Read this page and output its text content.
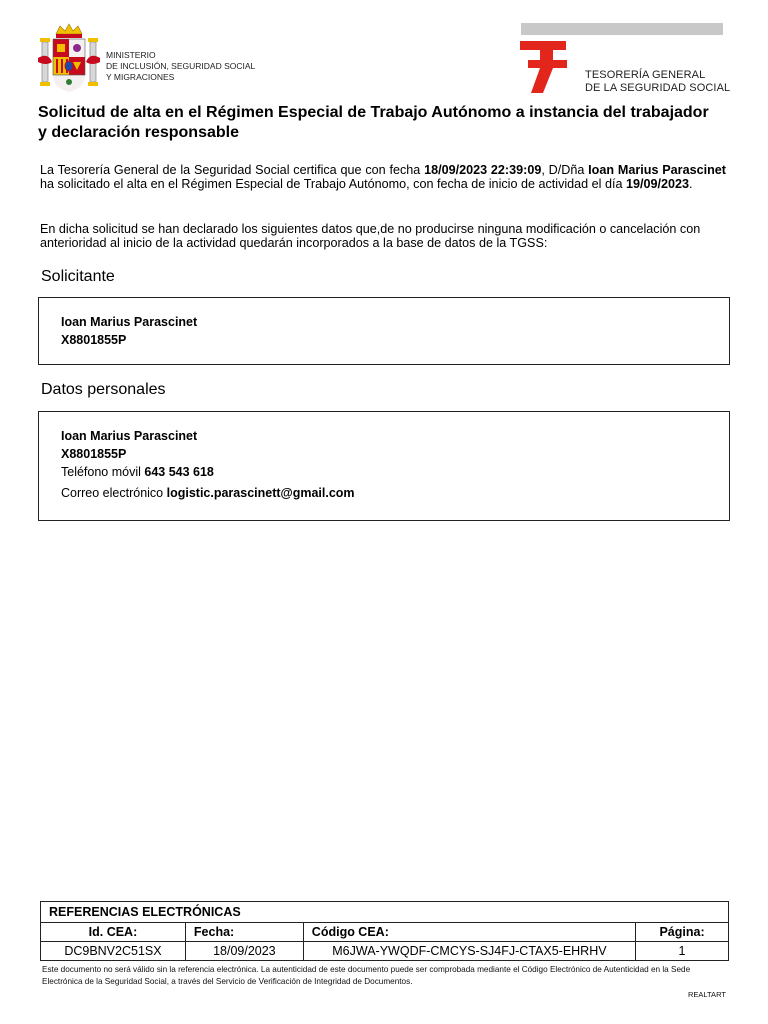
MINISTERIO
DE INCLUSIÓN, SEGURIDAD SOCIAL
Y MIGRACIONES	TESORERÍA GENERAL
DE LA SEGURIDAD SOCIAL
Solicitud de alta en el Régimen Especial de Trabajo Autónomo a instancia del trabajador y declaración responsable
La Tesorería General de la Seguridad Social certifica que con fecha 18/09/2023 22:39:09, D/Dña Ioan Marius Parascinet ha solicitado el alta en el Régimen Especial de Trabajo Autónomo, con fecha de inicio de actividad el día 19/09/2023.
En dicha solicitud se han declarado los siguientes datos que,de no producirse ninguna modificación o cancelación con anterioridad al inicio de la actividad quedarán incorporados a la base de datos de la TGSS:
Solicitante
Ioan Marius Parascinet
X8801855P
Datos personales
Ioan Marius Parascinet
X8801855P
Teléfono móvil 643 543 618
Correo electrónico logistic.parascinett@gmail.com
REFERENCIAS ELECTRÓNICAS			
Id. CEA:	Fecha:	Código CEA:	Página:
DC9BNV2C51SX	18/09/2023	M6JWA-YWQDF-CMCYS-SJ4FJ-CTAX5-EHRHV	1
Este documento no será válido sin la referencia electrónica. La autenticidad de este documento puede ser comprobada mediante el Código Electrónico de Autenticidad en la Sede Electrónica de la Seguridad Social, a través del Servicio de Verificación de Integridad de Documentos.
REALTART
